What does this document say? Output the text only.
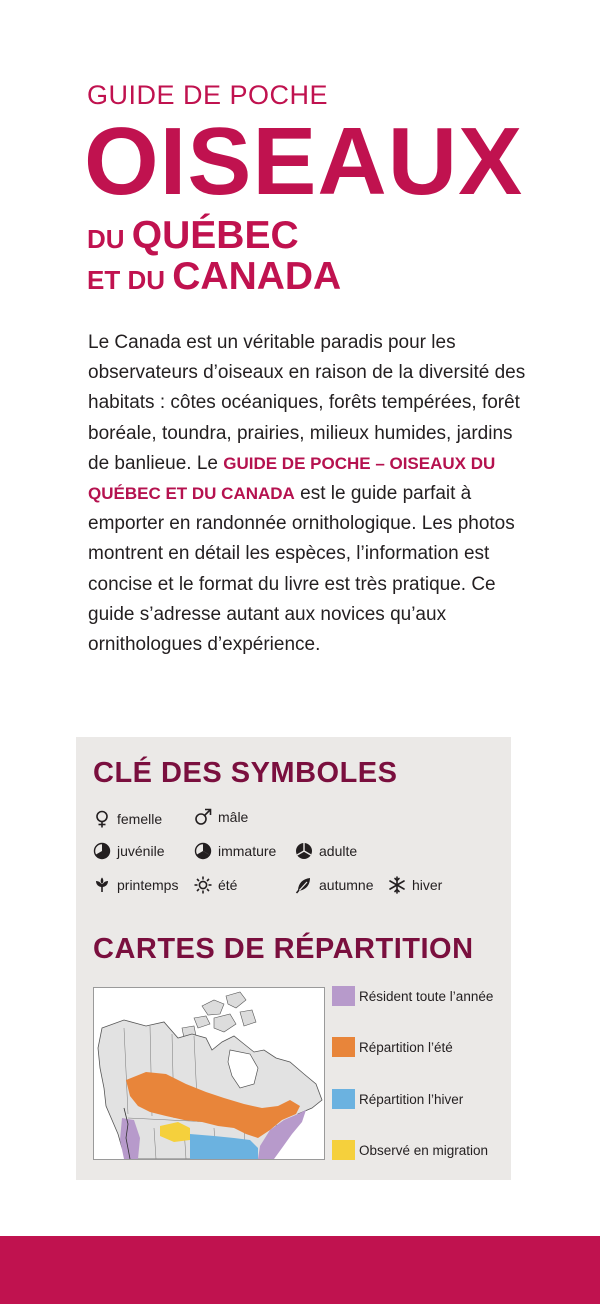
GUIDE DE POCHE
OISEAUX
DU QUÉBEC
ET DU CANADA
Le Canada est un véritable paradis pour les observateurs d’oiseaux en raison de la diversité des habitats : côtes océaniques, forêts tempérées, forêt boréale, toundra, prairies, milieux humides, jardins de banlieue. Le GUIDE DE POCHE – OISEAUX DU QUÉBEC ET DU CANADA est le guide parfait à emporter en randonnée ornithologique. Les photos montrent en détail les espèces, l’information est concise et le format du livre est très pratique. Ce guide s’adresse autant aux novices qu’aux ornithologues d’expérience.
CLÉ DES SYMBOLES
femelle	mâle
juvénile	immature	adulte
printemps	été	autumne	hiver
CARTES DE RÉPARTITION
Résident toute l’année
Répartition l’été
Répartition l’hiver
Observé en migration
